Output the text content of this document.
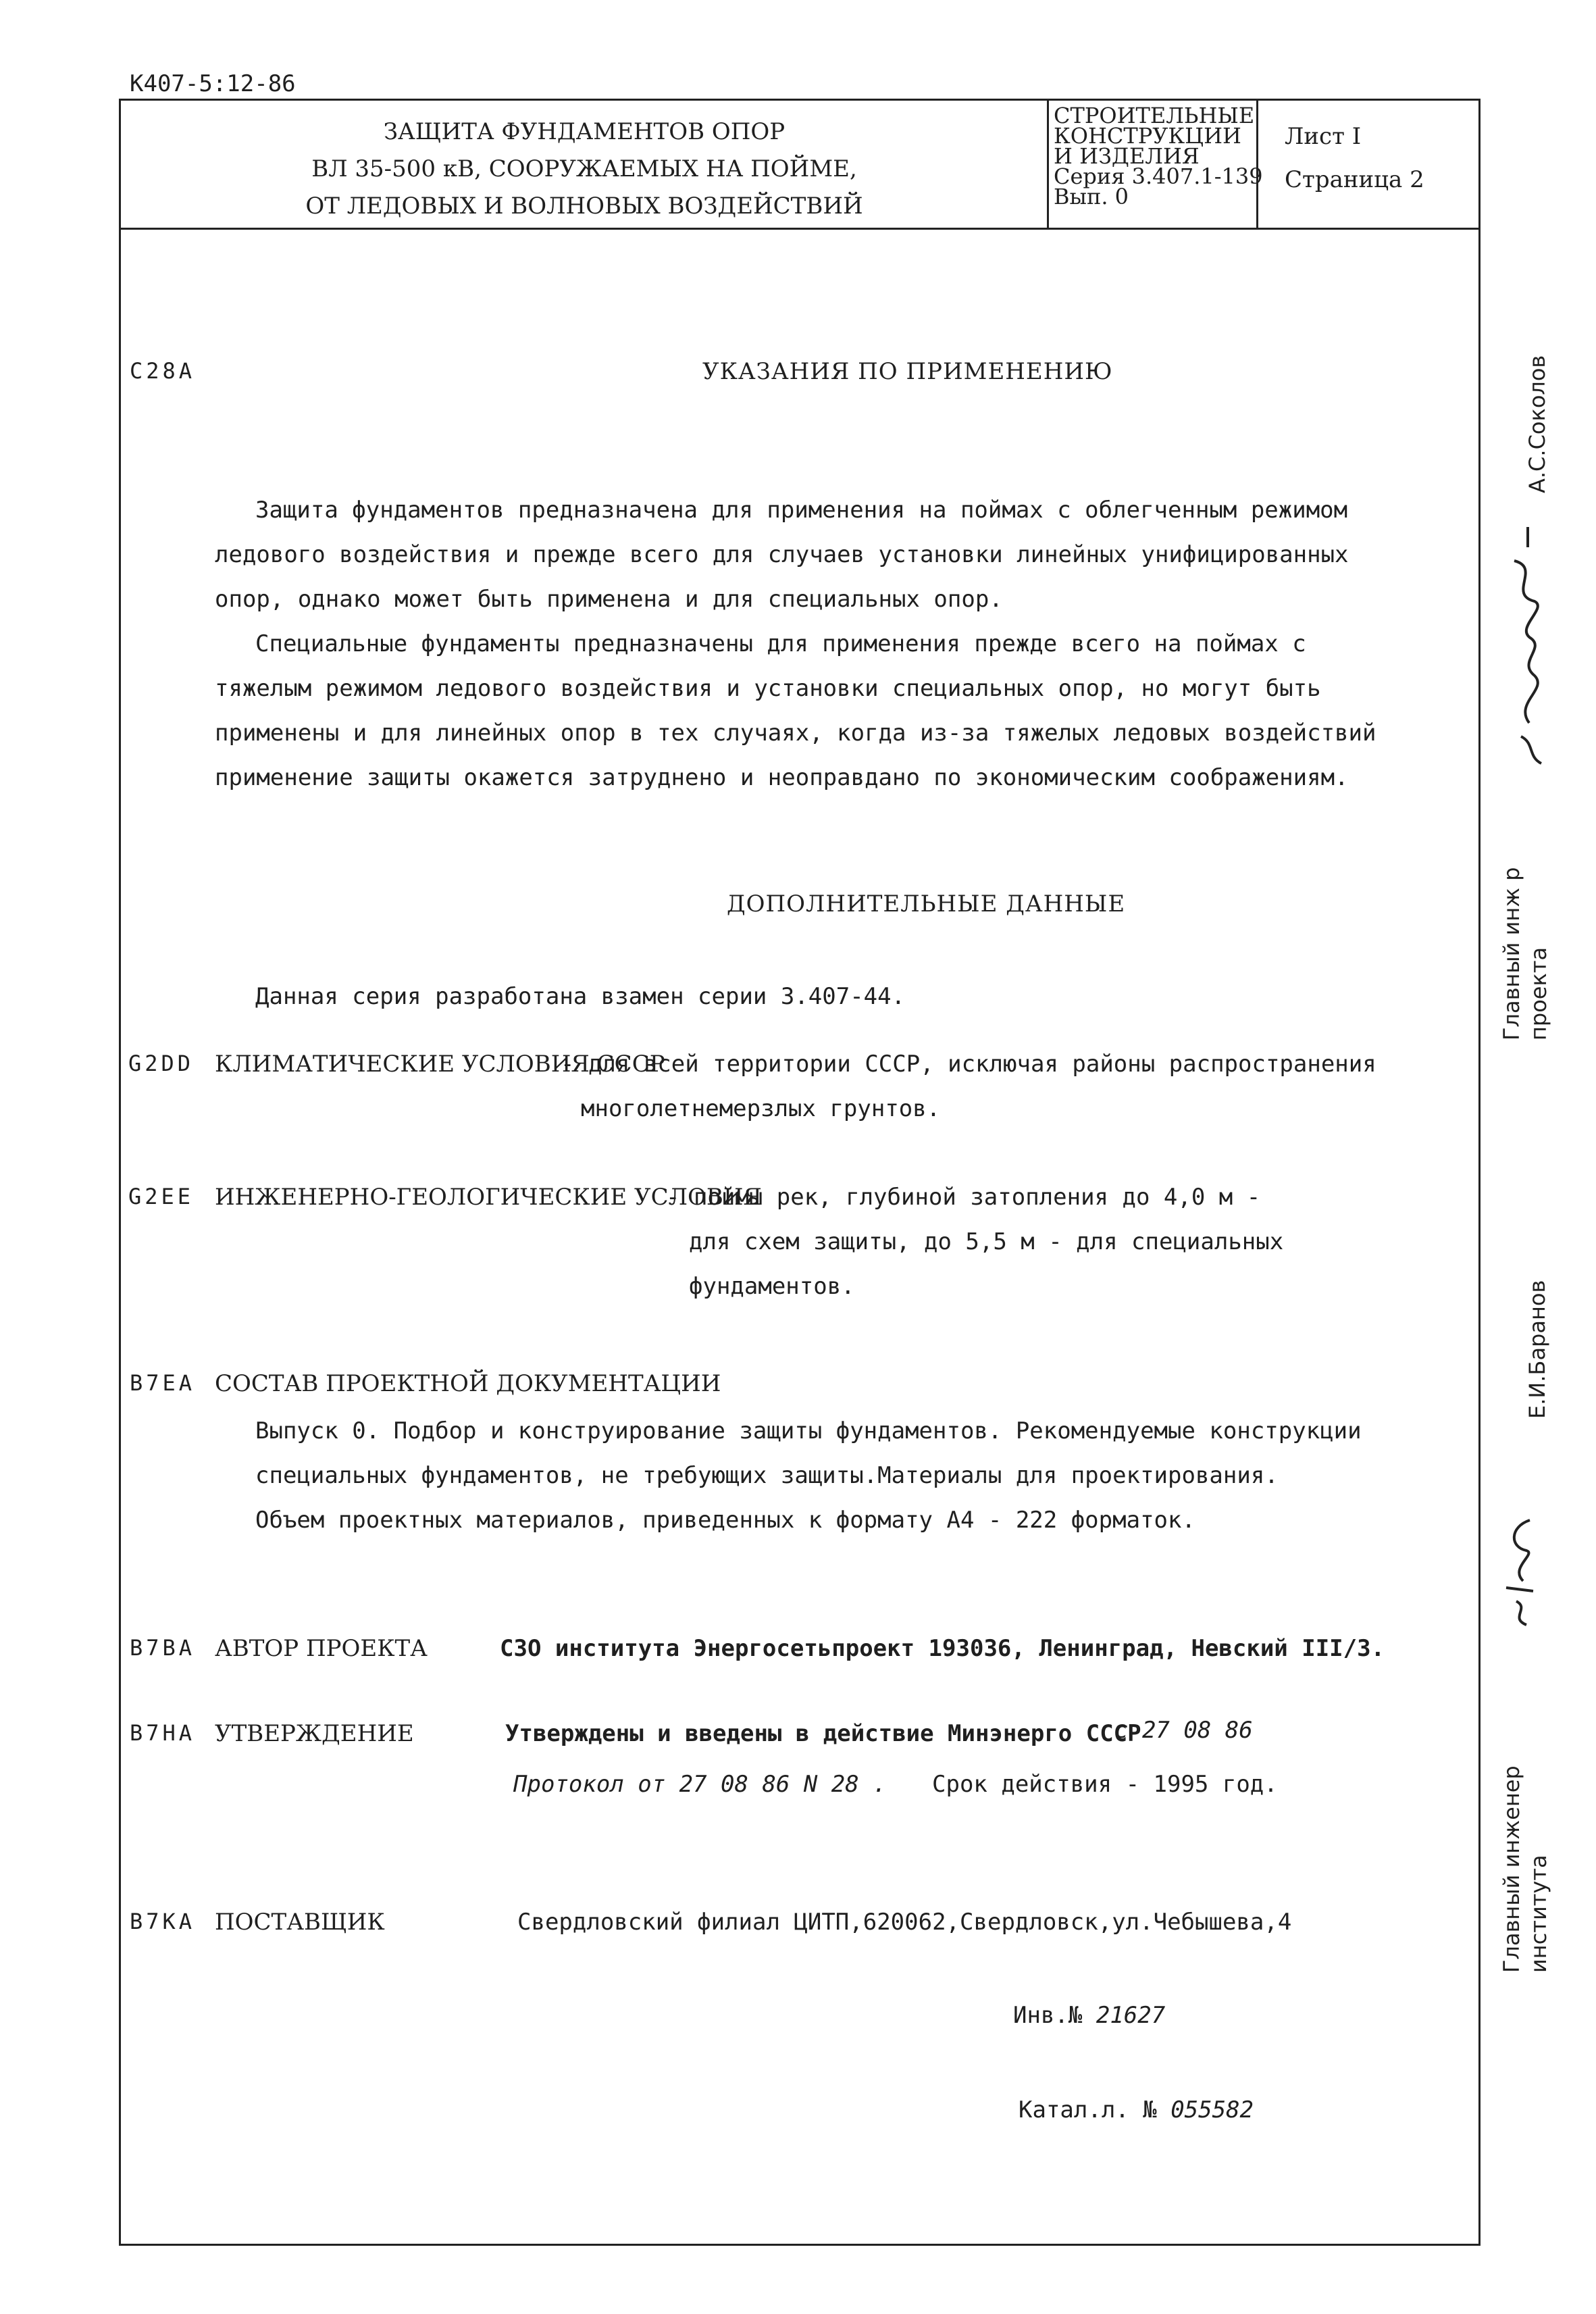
К407-5:12-86
ЗАЩИТА ФУНДАМЕНТОВ ОПОР
ВЛ 35-500 кВ, СООРУЖАЕМЫХ НА ПОЙМЕ,
ОТ ЛЕДОВЫХ И ВОЛНОВЫХ ВОЗДЕЙСТВИЙ
СТРОИТЕЛЬНЫЕ
КОНСТРУКЦИИ
И ИЗДЕЛИЯ
Серия 3.407.1-139
Вып. 0
Лист I
Страница 2
С28А	УКАЗАНИЯ ПО ПРИМЕНЕНИЮ
Защита фундаментов предназначена для применения на поймах с облегченным режимом
ледового воздействия и прежде всего для случаев установки линейных унифицированных
опор, однако может быть применена и для специальных опор.
Специальные фундаменты предназначены для применения прежде всего на поймах с
тяжелым режимом ледового воздействия и установки специальных опор, но могут быть
применены и для линейных опор в тех случаях, когда из-за тяжелых ледовых воздействий
применение защиты окажется затруднено и неоправдано по экономическим соображениям.
ДОПОЛНИТЕЛЬНЫЕ ДАННЫЕ
Данная серия разработана взамен серии 3.407-44.
G2DD КЛИМАТИЧЕСКИЕ УСЛОВИЯ СССР
- для всей территории СССР, исключая районы распространения
многолетнемерзлых грунтов.
G2EE ИНЖЕНЕРНО-ГЕОЛОГИЧЕСКИЕ УСЛОВИЯ
- поймы рек, глубиной затопления до 4,0 м -
для схем защиты, до 5,5 м - для специальных
фундаментов.
В7ЕА СОСТАВ ПРОЕКТНОЙ ДОКУМЕНТАЦИИ
Выпуск 0. Подбор и конструирование защиты фундаментов. Рекомендуемые конструкции
специальных фундаментов, не требующих защиты.Материалы для проектирования.
Объем проектных материалов, приведенных к формату А4 - 222 форматок.
В7ВА АВТОР ПРОЕКТА	СЗО института Энергосетьпроект 193036, Ленинград, Невский III/3.
В7НА УТВЕРЖДЕНИЕ	Утверждены и введены в действие Минэнерго СССР
с 27 08 86
Протокол от 27 08 86 N 28 . Срок действия - 1995 год.
В7КА ПОСТАВЩИК	Свердловский филиал ЦИТП,620062,Свердловск,ул.Чебышева,4
Инв.№ 21627
Катал.л. № 055582
А.С.Соколов
Главный инж р проекта
Е.И.Баранов
Главный инженер института
